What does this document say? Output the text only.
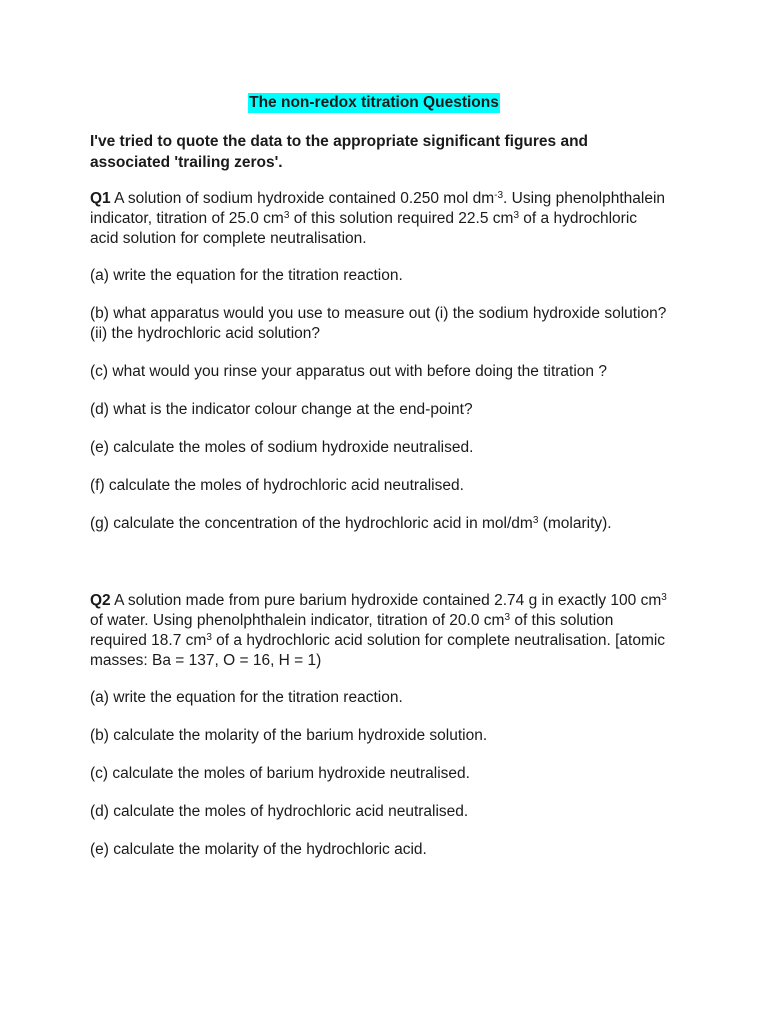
The non-redox titration Questions

I've tried to quote the data to the appropriate significant figures and associated 'trailing zeros'.

Q1 A solution of sodium hydroxide contained 0.250 mol $dm^{-3}$. Using phenolphthalein indicator, titration of 25.0 $cm^3$ of this solution required 22.5 $cm^3$ of a hydrochloric acid solution for complete neutralisation.

(a) write the equation for the titration reaction.

(b) what apparatus would you use to measure out (i) the sodium hydroxide solution? (ii) the hydrochloric acid solution?

(c) what would you rinse your apparatus out with before doing the titration ?

(d) what is the indicator colour change at the end-point?

(e) calculate the moles of sodium hydroxide neutralised.

(f) calculate the moles of hydrochloric acid neutralised.

(g) calculate the concentration of the hydrochloric acid in mol/$dm^3$ (molarity).

Q2 A solution made from pure barium hydroxide contained 2.74 g in exactly 100 $cm^3$ of water. Using phenolphthalein indicator, titration of 20.0 $cm^3$ of this solution required 18.7 $cm^3$ of a hydrochloric acid solution for complete neutralisation. [atomic masses: Ba = 137, O = 16, H = 1)

(a) write the equation for the titration reaction.

(b) calculate the molarity of the barium hydroxide solution.

(c) calculate the moles of barium hydroxide neutralised.

(d) calculate the moles of hydrochloric acid neutralised.

(e) calculate the molarity of the hydrochloric acid.
